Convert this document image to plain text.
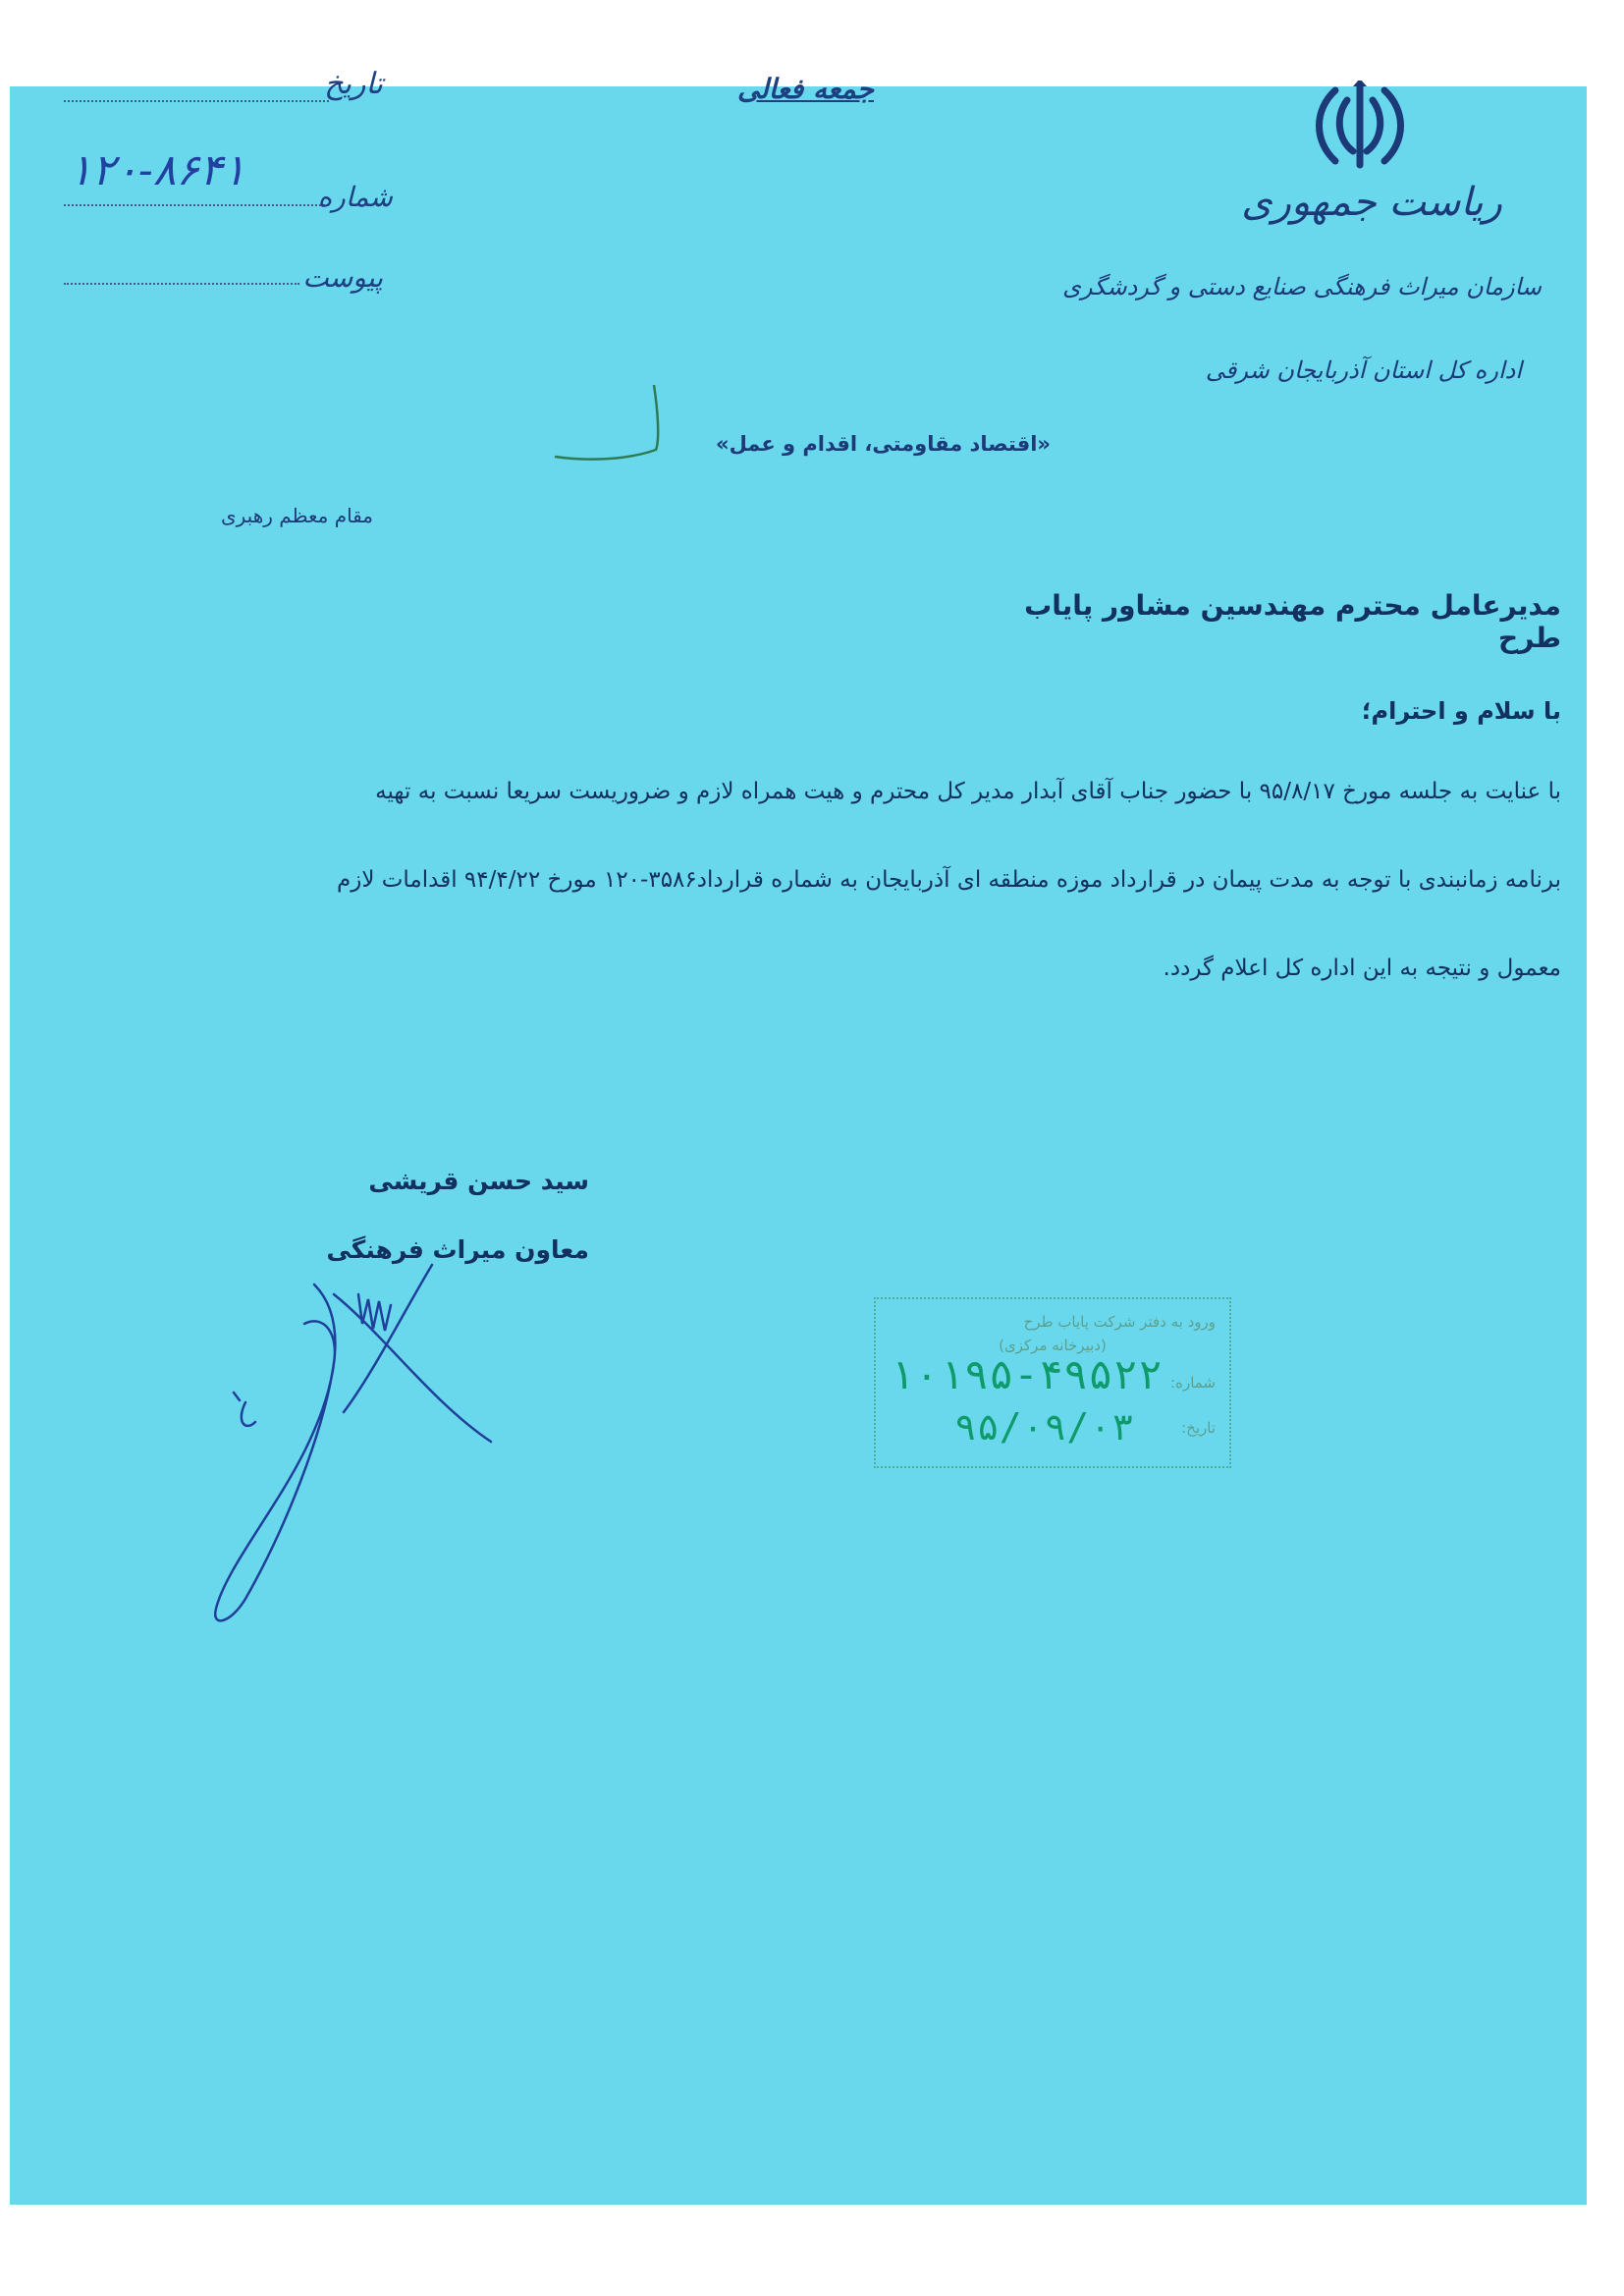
تاریخ
۱۲۰-۸۶۴۱
شماره
پیوست
جمعه فعالی
ریاست جمهوری
سازمان میراث فرهنگی صنایع دستی و گردشگری
اداره کل استان آذربایجان شرقی
«اقتصاد مقاومتی، اقدام و عمل»
مقام معظم رهبری
مدیرعامل محترم مهندسین مشاور پایاب طرح
با سلام و احترام؛
با عنایت به جلسه مورخ ۹۵/۸/۱۷ با حضور جناب آقای آبدار مدیر کل محترم و هیت همراه لازم و ضروریست سریعا نسبت به تهیه
برنامه زمانبندی با توجه به مدت پیمان در قرارداد موزه منطقه ای آذربایجان به شماره قرارداد۳۵۸۶-۱۲۰ مورخ ۹۴/۴/۲۲ اقدامات لازم
معمول و نتیجه به این اداره کل اعلام گردد.
سید حسن قریشی
معاون میراث فرهنگی
ورود به دفتر شرکت پایاب طرح
(دبیرخانه مرکزی)
شماره:
تاریخ:
۱۰۱۹۵-۴۹۵۲۲
۹۵/۰۹/۰۳
